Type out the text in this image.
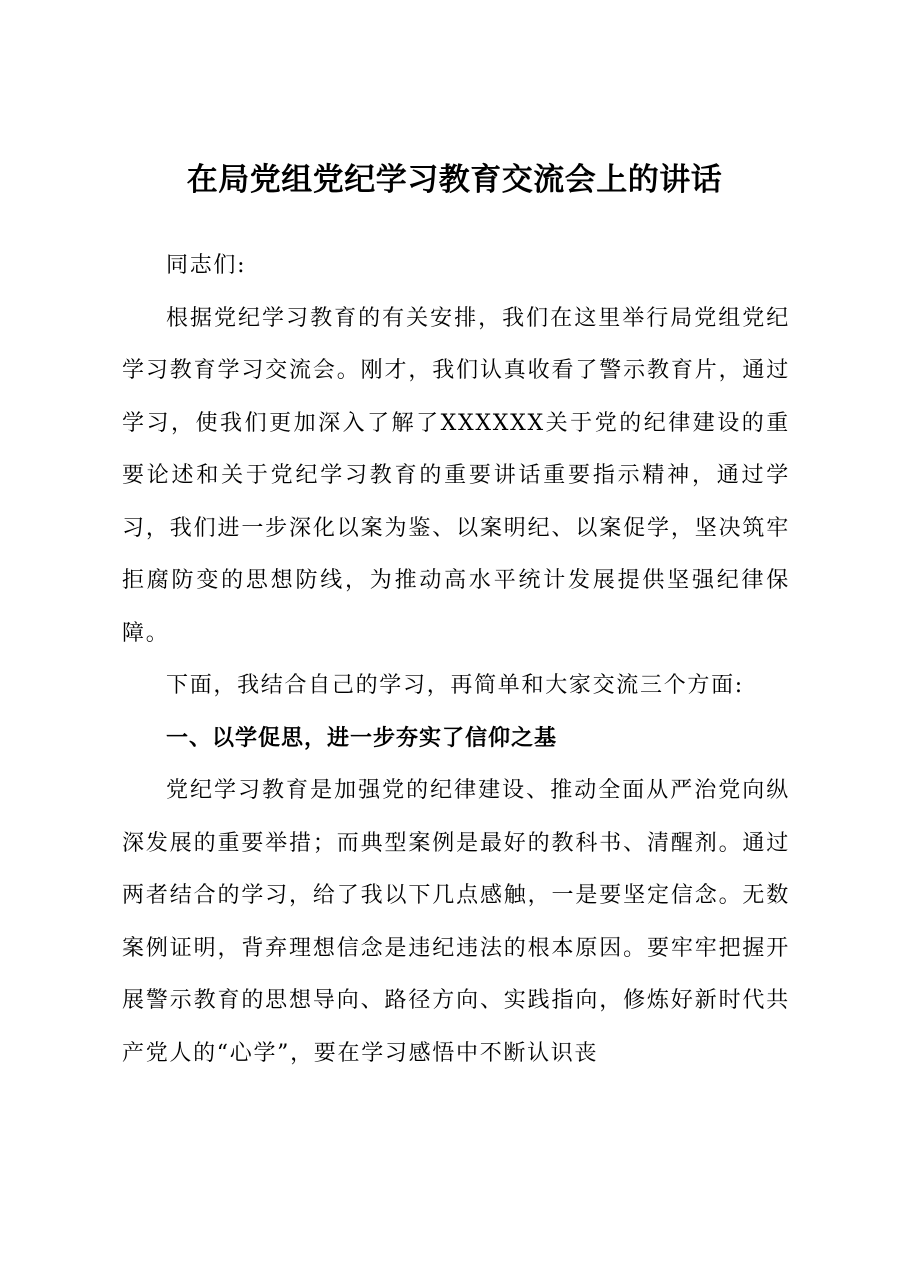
在局党组党纪学习教育交流会上的讲话

同志们:

根据党纪学习教育的有关安排，我们在这里举行局党组党纪学习教育学习交流会。刚才，我们认真收看了警示教育片，通过学习，使我们更加深入了解了XXXXXX关于党的纪律建设的重要论述和关于党纪学习教育的重要讲话重要指示精神，通过学习，我们进一步深化以案为鉴、以案明纪、以案促学，坚决筑牢拒腐防变的思想防线，为推动高水平统计发展提供坚强纪律保障。

下面，我结合自己的学习，再简单和大家交流三个方面:

一、以学促思，进一步夯实了信仰之基

党纪学习教育是加强党的纪律建设、推动全面从严治党向纵深发展的重要举措；而典型案例是最好的教科书、清醒剂。通过两者结合的学习，给了我以下几点感触，一是要坚定信念。无数案例证明，背弃理想信念是违纪违法的根本原因。要牢牢把握开展警示教育的思想导向、路径方向、实践指向，修炼好新时代共产党人的“心学”，要在学习感悟中不断认识丧
